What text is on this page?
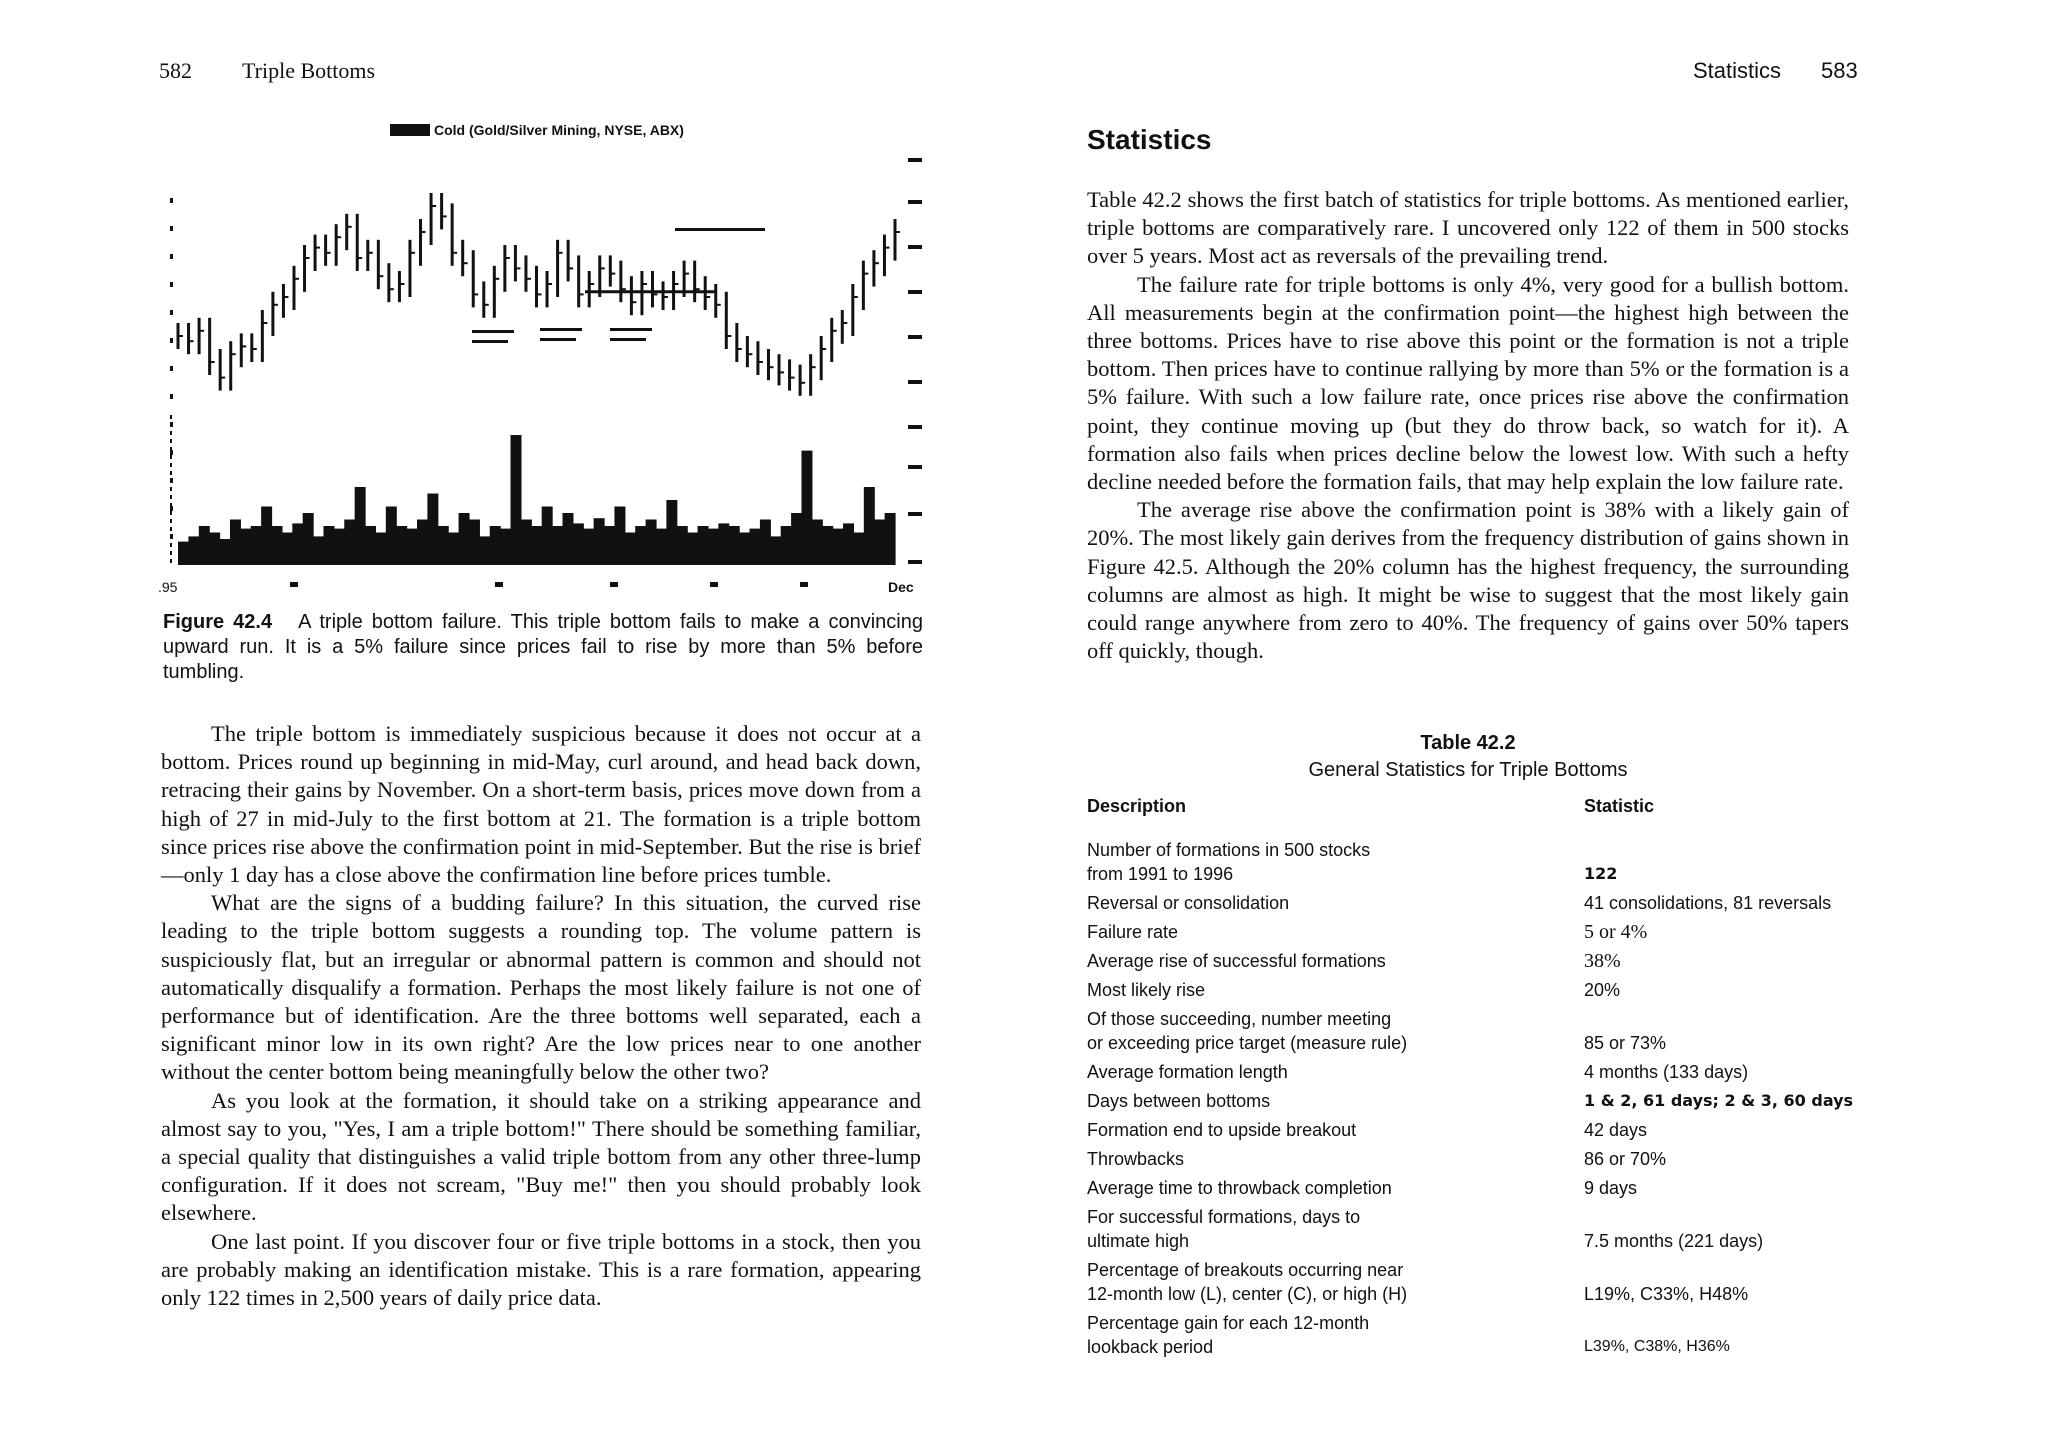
582 Triple Bottoms	Statistics 583
Cold (Gold/Silver Mining, NYSE, ABX)
.95	Dec
Figure 42.4 A triple bottom failure. This triple bottom fails to make a convincing upward run. It is a 5% failure since prices fail to rise by more than 5% before tumbling.

The triple bottom is immediately suspicious because it does not occur at a bottom. Prices round up beginning in mid-May, curl around, and head back down, retracing their gains by November. On a short-term basis, prices move down from a high of 27 in mid-July to the first bottom at 21. The formation is a triple bottom since prices rise above the confirmation point in mid-September. But the rise is brief—only 1 day has a close above the confirmation line before prices tumble.

What are the signs of a budding failure? In this situation, the curved rise leading to the triple bottom suggests a rounding top. The volume pattern is suspiciously flat, but an irregular or abnormal pattern is common and should not automatically disqualify a formation. Perhaps the most likely failure is not one of performance but of identification. Are the three bottoms well separated, each a significant minor low in its own right? Are the low prices near to one another without the center bottom being meaningfully below the other two?

As you look at the formation, it should take on a striking appearance and almost say to you, "Yes, I am a triple bottom!" There should be something familiar, a special quality that distinguishes a valid triple bottom from any other three-lump configuration. If it does not scream, "Buy me!" then you should probably look elsewhere.

One last point. If you discover four or five triple bottoms in a stock, then you are probably making an identification mistake. This is a rare formation, appearing only 122 times in 2,500 years of daily price data.

Statistics

Table 42.2 shows the first batch of statistics for triple bottoms. As mentioned earlier, triple bottoms are comparatively rare. I uncovered only 122 of them in 500 stocks over 5 years. Most act as reversals of the prevailing trend.

The failure rate for triple bottoms is only 4%, very good for a bullish bottom. All measurements begin at the confirmation point—the highest high between the three bottoms. Prices have to rise above this point or the formation is not a triple bottom. Then prices have to continue rallying by more than 5% or the formation is a 5% failure. With such a low failure rate, once prices rise above the confirmation point, they continue moving up (but they do throw back, so watch for it). A formation also fails when prices decline below the lowest low. With such a hefty decline needed before the formation fails, that may help explain the low failure rate.

The average rise above the confirmation point is 38% with a likely gain of 20%. The most likely gain derives from the frequency distribution of gains shown in Figure 42.5. Although the 20% column has the highest frequency, the surrounding columns are almost as high. It might be wise to suggest that the most likely gain could range anywhere from zero to 40%. The frequency of gains over 50% tapers off quickly, though.

Table 42.2
General Statistics for Triple Bottoms
Description	Statistic
Number of formations in 500 stocks
from 1991 to 1996	122
Reversal or consolidation	41 consolidations, 81 reversals
Failure rate	5 or 4%
Average rise of successful formations	38%
Most likely rise	20%
Of those succeeding, number meeting
or exceeding price target (measure rule)	85 or 73%
Average formation length	4 months (133 days)
Days between bottoms	1 & 2, 61 days; 2 & 3, 60 days
Formation end to upside breakout	42 days
Throwbacks	86 or 70%
Average time to throwback completion	9 days
For successful formations, days to
ultimate high	7.5 months (221 days)
Percentage of breakouts occurring near
12-month low (L), center (C), or high (H)	L19%, C33%, H48%
Percentage gain for each 12-month
lookback period	L39%, C38%, H36%
